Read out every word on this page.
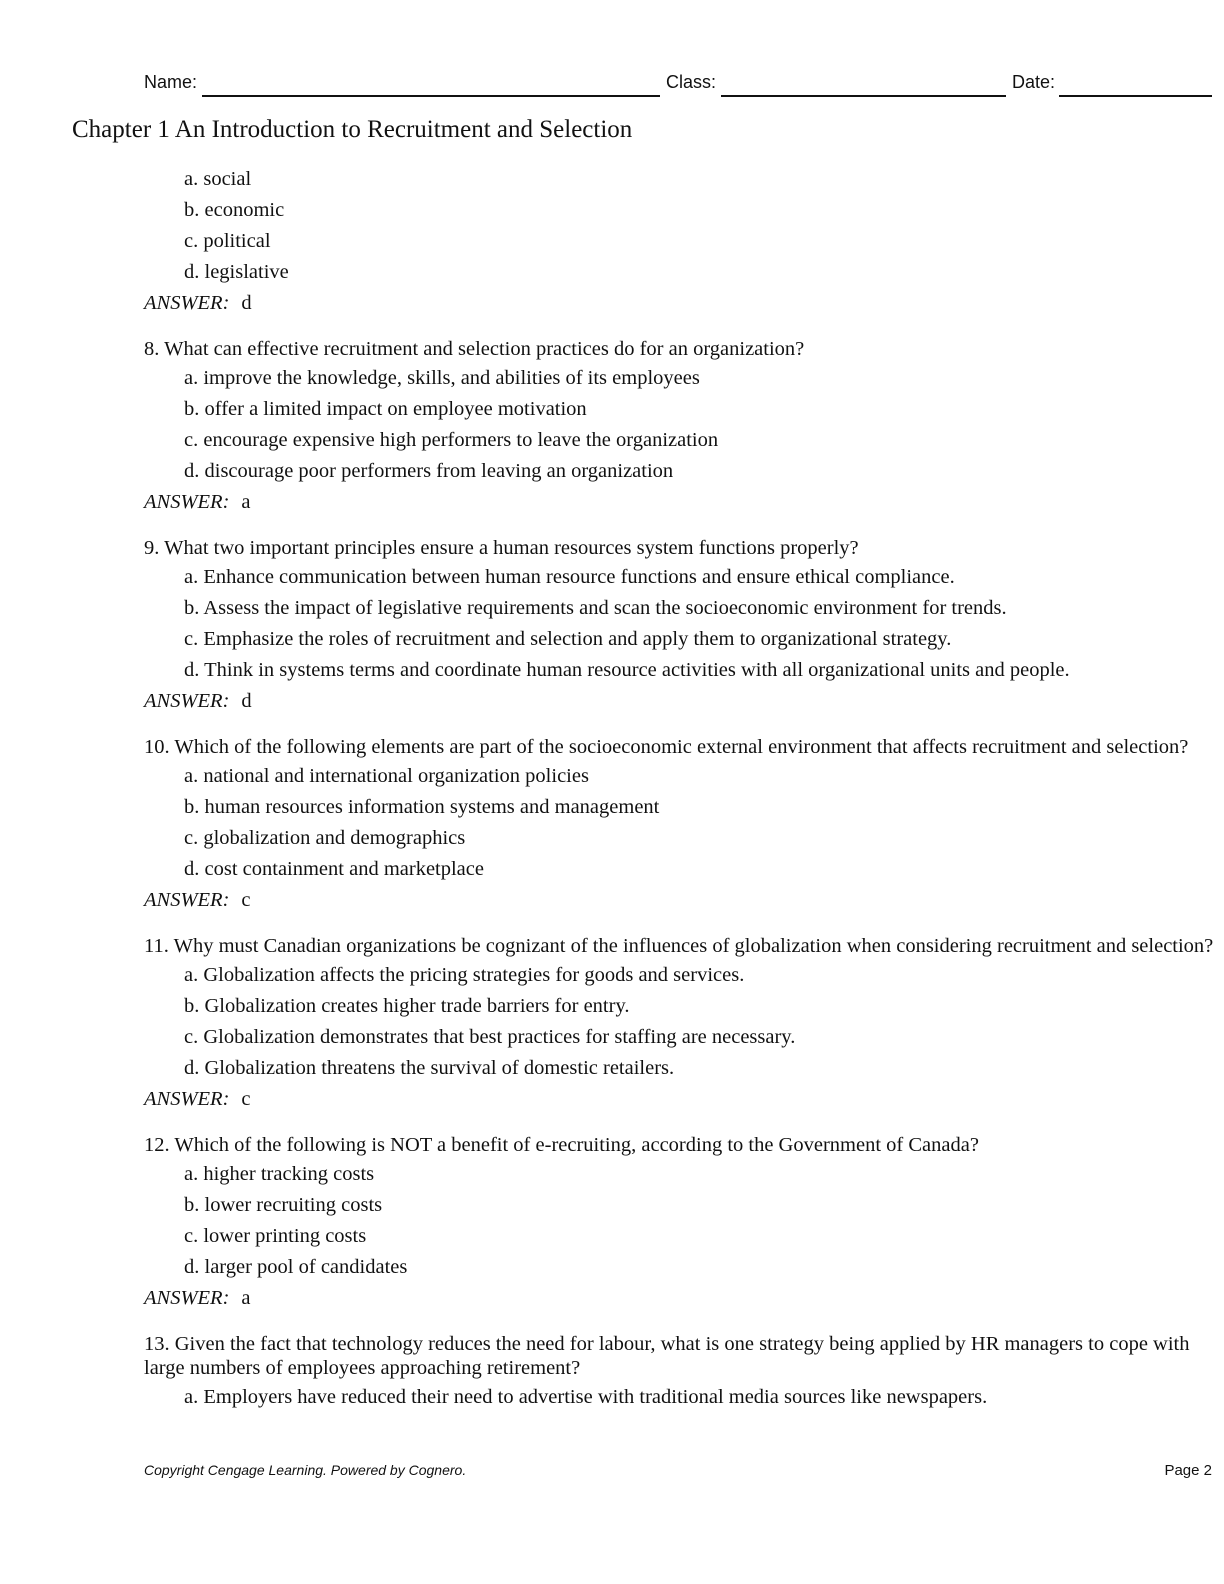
Name:	Class:	Date:
Chapter 1 An Introduction to Recruitment and Selection
a. social
b. economic
c. political
d. legislative
ANSWER: d
8. What can effective recruitment and selection practices do for an organization?
a. improve the knowledge, skills, and abilities of its employees
b. offer a limited impact on employee motivation
c. encourage expensive high performers to leave the organization
d. discourage poor performers from leaving an organization
ANSWER: a
9. What two important principles ensure a human resources system functions properly?
a. Enhance communication between human resource functions and ensure ethical compliance.
b. Assess the impact of legislative requirements and scan the socioeconomic environment for trends.
c. Emphasize the roles of recruitment and selection and apply them to organizational strategy.
d. Think in systems terms and coordinate human resource activities with all organizational units and people.
ANSWER: d
10. Which of the following elements are part of the socioeconomic external environment that affects recruitment and selection?
a. national and international organization policies
b. human resources information systems and management
c. globalization and demographics
d. cost containment and marketplace
ANSWER: c
11. Why must Canadian organizations be cognizant of the influences of globalization when considering recruitment and selection?
a. Globalization affects the pricing strategies for goods and services.
b. Globalization creates higher trade barriers for entry.
c. Globalization demonstrates that best practices for staffing are necessary.
d. Globalization threatens the survival of domestic retailers.
ANSWER: c
12. Which of the following is NOT a benefit of e-recruiting, according to the Government of Canada?
a. higher tracking costs
b. lower recruiting costs
c. lower printing costs
d. larger pool of candidates
ANSWER: a
13. Given the fact that technology reduces the need for labour, what is one strategy being applied by HR managers to cope with large numbers of employees approaching retirement?
a. Employers have reduced their need to advertise with traditional media sources like newspapers.
Copyright Cengage Learning. Powered by Cognero.	Page 2
